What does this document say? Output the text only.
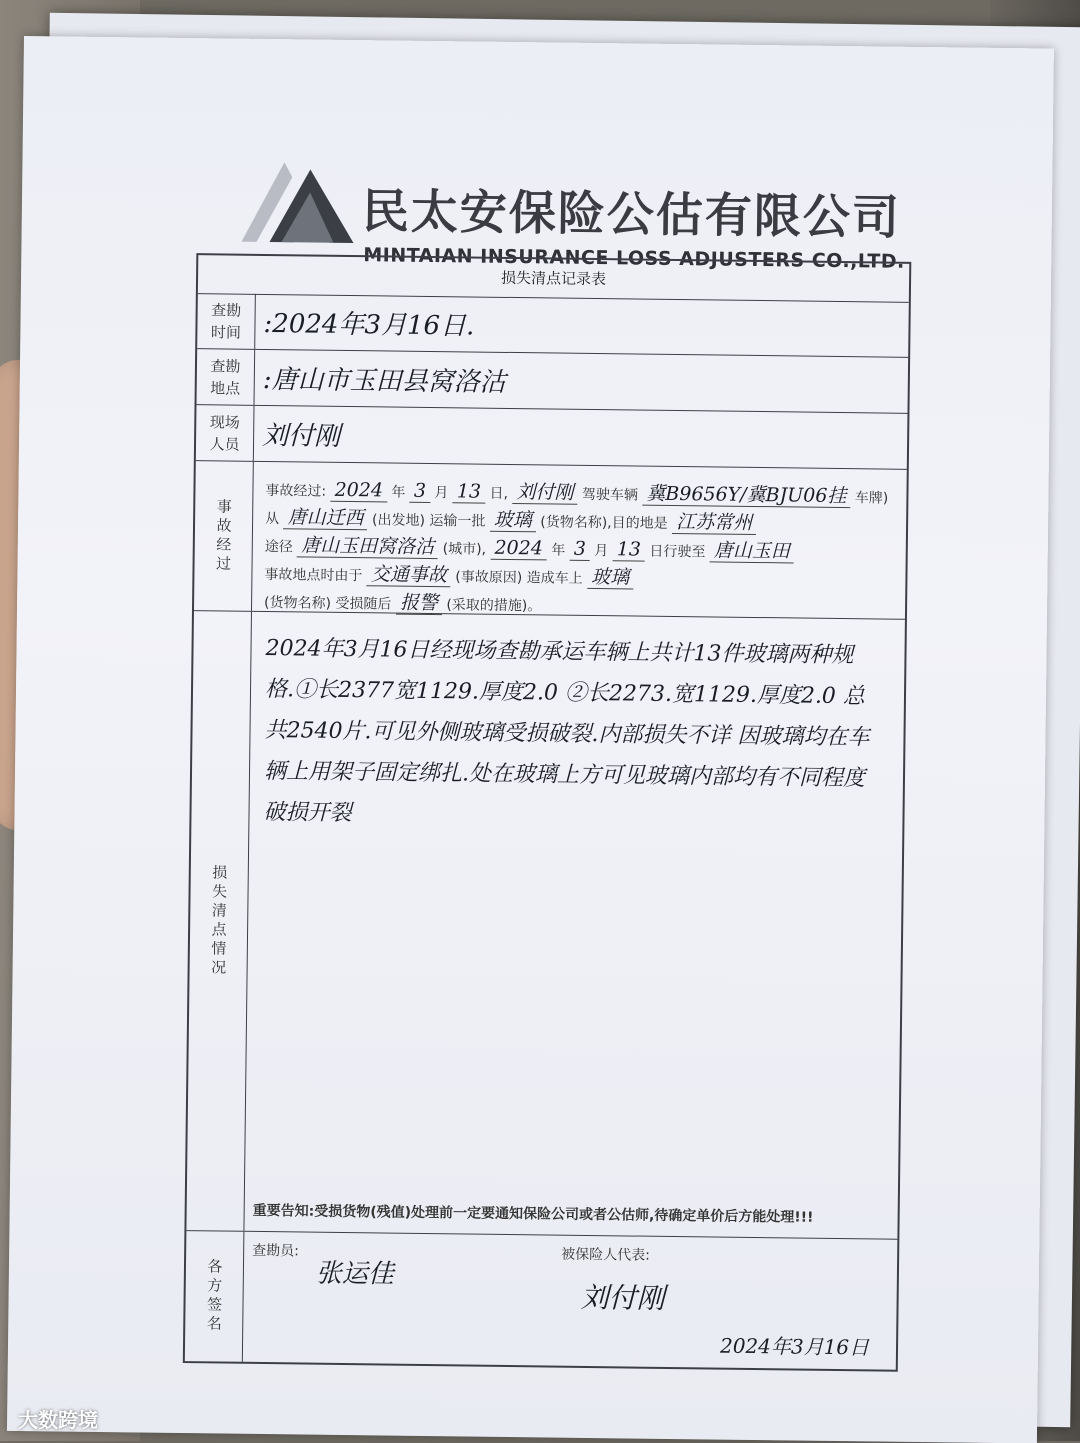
民太安保险公估有限公司
MINTAIAN INSURANCE LOSS ADJUSTERS CO.,LTD.
损失清点记录表
查勘时间 :2024年3月16日.
查勘地点 :唐山市玉田县窝洛沽
现场人员 刘付刚
事故经过
事故经过: 2024 年 3 月 13 日, 刘付刚 驾驶车辆 冀B9656Y/冀BJU06挂 车牌)
从 唐山迁西 (出发地) 运输一批 玻璃 (货物名称),目的地是 江苏常州
途径 唐山玉田窝洛沽 (城市), 2024 年 3 月 13 日行驶至 唐山玉田
事故地点时由于 交通事故 (事故原因) 造成车上 玻璃
(货物名称) 受损随后 报警 (采取的措施)。
损失清点情况
2024年3月16日经现场查勘承运车辆上共计13件玻璃两种规格.①长2377宽1129.厚度2.0 ②长2273.宽1129.厚度2.0 总共2540片.可见外侧玻璃受损破裂.内部损失不详 因玻璃均在车辆上用架子固定绑扎.处在玻璃上方可见玻璃内部均有不同程度破损开裂
重要告知:受损货物(残值)处理前一定要通知保险公司或者公估师,待确定单价后方能处理!!!
各方签名
查勘员:
张运佳
被保险人代表:
刘付刚
2024年3月16日
大数跨境
